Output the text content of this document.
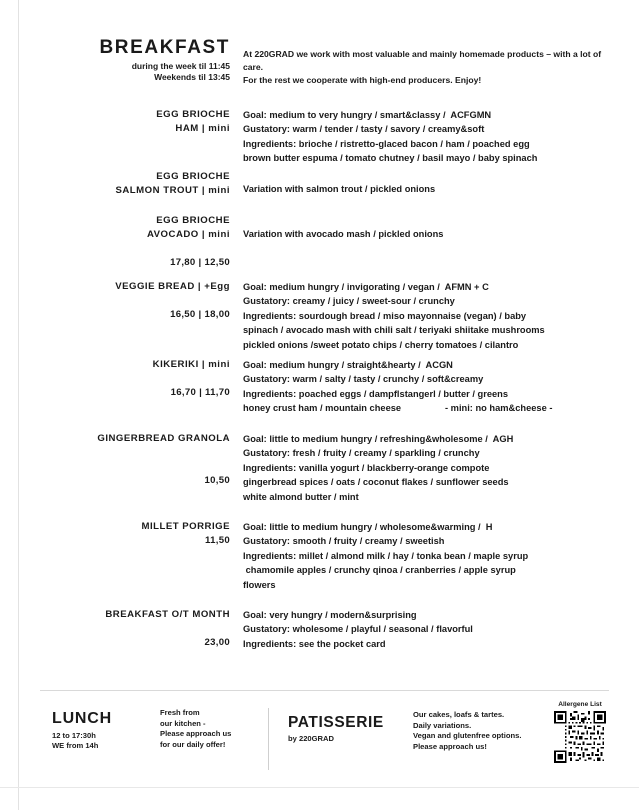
BREAKFAST
during the week til 11:45
Weekends til 13:45
At 220GRAD we work with most valuable and mainly homemade products – with a lot of care.
For the rest we cooperate with high-end producers. Enjoy!
EGG BRIOCHE
HAM | mini
Goal: medium to very hungry / smart&classy /  ACFGMN
Gustatory: warm / tender / tasty / savory / creamy&soft
Ingredients: brioche / ristretto-glaced bacon / ham / poached egg
brown butter espuma / tomato chutney / basil mayo / baby spinach
EGG BRIOCHE
SALMON TROUT | mini Variation with salmon trout / pickled onions
EGG BRIOCHE
AVOCADO | mini
17,80 | 12,50
Variation with avocado mash / pickled onions
VEGGIE BREAD | +Egg
16,50 | 18,00
Goal: medium hungry / invigorating / vegan /  AFMN + C
Gustatory: creamy / juicy / sweet-sour / crunchy
Ingredients: sourdough bread / miso mayonnaise (vegan) / baby
spinach / avocado mash with chili salt / teriyaki shiitake mushrooms
pickled onions /sweet potato chips / cherry tomatoes / cilantro
KIKERIKI | mini
16,70 | 11,70
Goal: medium hungry / straight&hearty /  ACGN
Gustatory: warm / salty / tasty / crunchy / soft&creamy
Ingredients: poached eggs / dampflstangerl / butter / greens
honey crust ham / mountain cheese                 - mini: no ham&cheese -
GINGERBREAD GRANOLA
10,50
Goal: little to medium hungry / refreshing&wholesome /  AGH
Gustatory: fresh / fruity / creamy / sparkling / crunchy
Ingredients: vanilla yogurt / blackberry-orange compote
gingerbread spices / oats / coconut flakes / sunflower seeds
white almond butter / mint
MILLET PORRIGE
11,50
Goal: little to medium hungry / wholesome&warming /  H
Gustatory: smooth / fruity / creamy / sweetish
Ingredients: millet / almond milk / hay / tonka bean / maple syrup
chamomile apples / crunchy qinoa / cranberries / apple syrup
flowers
BREAKFAST O/T MONTH
23,00
Goal: very hungry / modern&surprising
Gustatory: wholesome / playful / seasonal / flavorful
Ingredients: see the pocket card
LUNCH
12 to 17:30h
WE from 14h
Fresh from
our kitchen -
Please approach us
for our daily offer!
PATISSERIE
by 220GRAD
Our cakes, loafs & tartes.
Daily variations.
Vegan and glutenfree options.
Please approach us!
Allergene List
